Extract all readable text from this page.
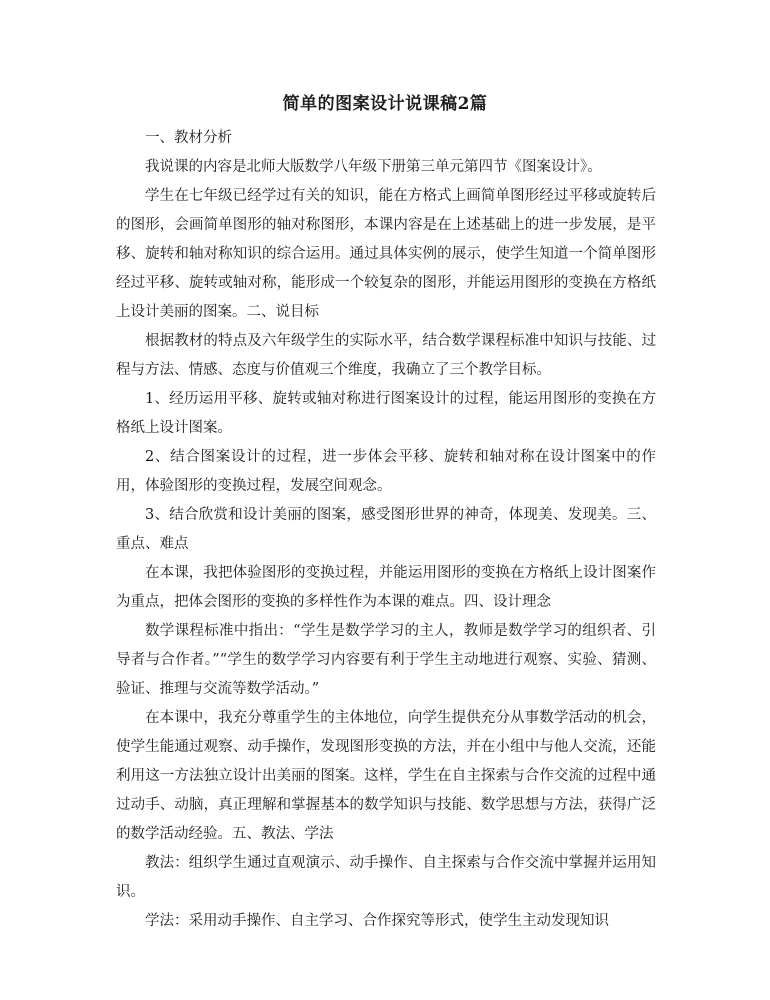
简单的图案设计说课稿2篇

一、教材分析

我说课的内容是北师大版数学八年级下册第三单元第四节《图案设计》。

学生在七年级已经学过有关的知识，能在方格式上画简单图形经过平移或旋转后的图形，会画简单图形的轴对称图形，本课内容是在上述基础上的进一步发展，是平移、旋转和轴对称知识的综合运用。通过具体实例的展示，使学生知道一个简单图形经过平移、旋转或轴对称，能形成一个较复杂的图形，并能运用图形的变换在方格纸上设计美丽的图案。二、说目标

根据教材的特点及六年级学生的实际水平，结合数学课程标准中知识与技能、过程与方法、情感、态度与价值观三个维度，我确立了三个教学目标。

1、经历运用平移、旋转或轴对称进行图案设计的过程，能运用图形的变换在方格纸上设计图案。

2、结合图案设计的过程，进一步体会平移、旋转和轴对称在设计图案中的作用，体验图形的变换过程，发展空间观念。

3、结合欣赏和设计美丽的图案，感受图形世界的神奇，体现美、发现美。三、重点、难点

在本课，我把体验图形的变换过程，并能运用图形的变换在方格纸上设计图案作为重点，把体会图形的变换的多样性作为本课的难点。四、设计理念

数学课程标准中指出：“学生是数学学习的主人，教师是数学学习的组织者、引导者与合作者。”“学生的数学学习内容要有利于学生主动地进行观察、实验、猜测、验证、推理与交流等数学活动。”

在本课中，我充分尊重学生的主体地位，向学生提供充分从事数学活动的机会，使学生能通过观察、动手操作，发现图形变换的方法，并在小组中与他人交流，还能利用这一方法独立设计出美丽的图案。这样，学生在自主探索与合作交流的过程中通过动手、动脑，真正理解和掌握基本的数学知识与技能、数学思想与方法，获得广泛的数学活动经验。五、教法、学法

教法：组织学生通过直观演示、动手操作、自主探索与合作交流中掌握并运用知识。

学法：采用动手操作、自主学习、合作探究等形式，使学生主动发现知识
